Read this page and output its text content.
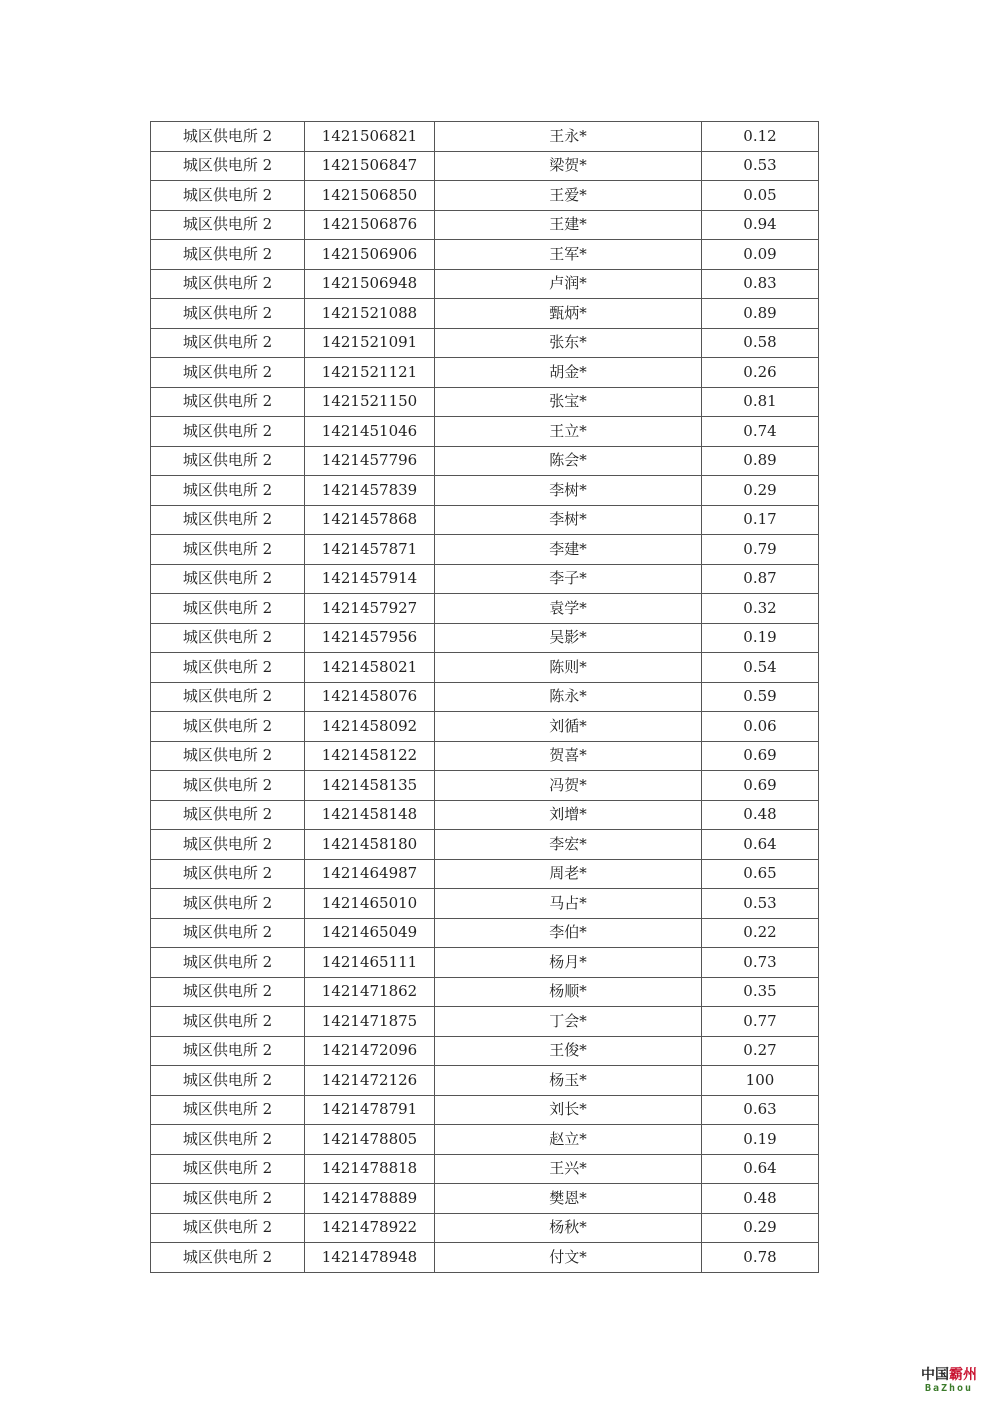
城区供电所 2	1421506821	王永*	0.12
城区供电所 2	1421506847	梁贺*	0.53
城区供电所 2	1421506850	王爱*	0.05
城区供电所 2	1421506876	王建*	0.94
城区供电所 2	1421506906	王军*	0.09
城区供电所 2	1421506948	卢润*	0.83
城区供电所 2	1421521088	甄炳*	0.89
城区供电所 2	1421521091	张东*	0.58
城区供电所 2	1421521121	胡金*	0.26
城区供电所 2	1421521150	张宝*	0.81
城区供电所 2	1421451046	王立*	0.74
城区供电所 2	1421457796	陈会*	0.89
城区供电所 2	1421457839	李树*	0.29
城区供电所 2	1421457868	李树*	0.17
城区供电所 2	1421457871	李建*	0.79
城区供电所 2	1421457914	李子*	0.87
城区供电所 2	1421457927	袁学*	0.32
城区供电所 2	1421457956	吴影*	0.19
城区供电所 2	1421458021	陈则*	0.54
城区供电所 2	1421458076	陈永*	0.59
城区供电所 2	1421458092	刘循*	0.06
城区供电所 2	1421458122	贺喜*	0.69
城区供电所 2	1421458135	冯贺*	0.69
城区供电所 2	1421458148	刘增*	0.48
城区供电所 2	1421458180	李宏*	0.64
城区供电所 2	1421464987	周老*	0.65
城区供电所 2	1421465010	马占*	0.53
城区供电所 2	1421465049	李伯*	0.22
城区供电所 2	1421465111	杨月*	0.73
城区供电所 2	1421471862	杨顺*	0.35
城区供电所 2	1421471875	丁会*	0.77
城区供电所 2	1421472096	王俊*	0.27
城区供电所 2	1421472126	杨玉*	100
城区供电所 2	1421478791	刘长*	0.63
城区供电所 2	1421478805	赵立*	0.19
城区供电所 2	1421478818	王兴*	0.64
城区供电所 2	1421478889	樊恩*	0.48
城区供电所 2	1421478922	杨秋*	0.29
城区供电所 2	1421478948	付文*	0.78
中国霸州
BaZhou
